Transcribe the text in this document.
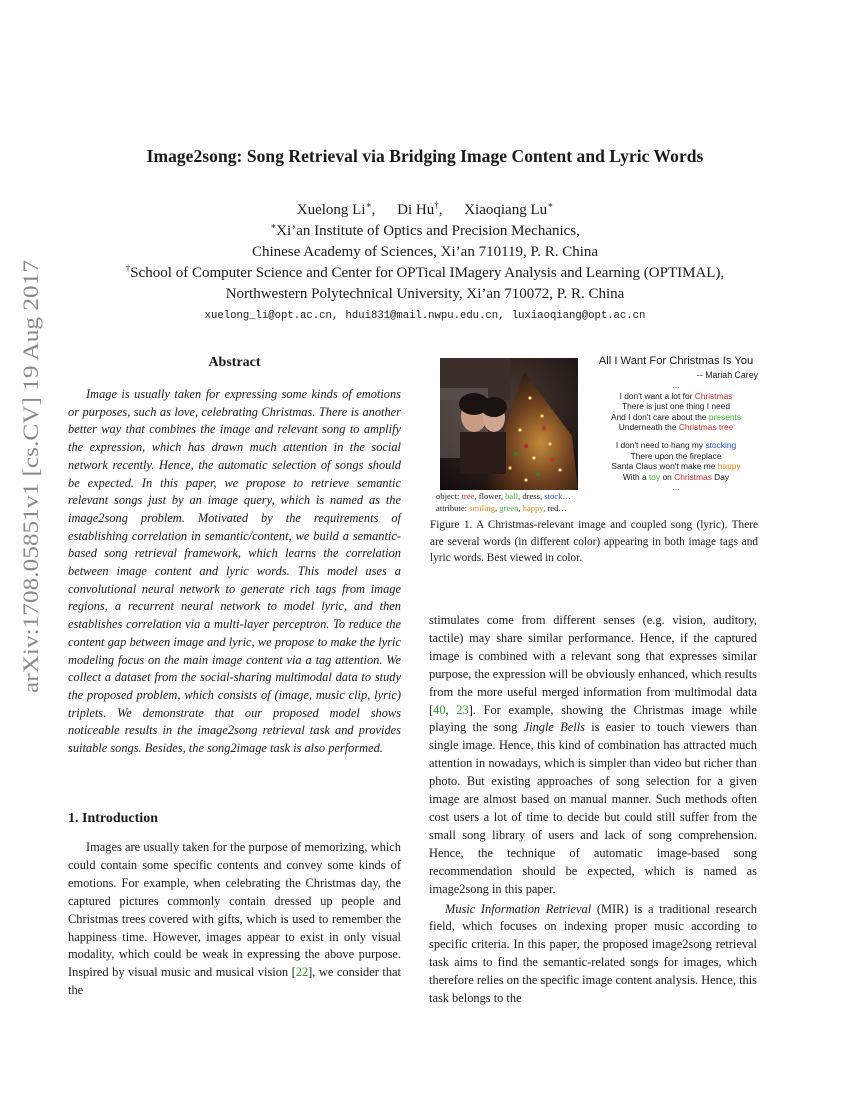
arXiv:1708.05851v1 [cs.CV] 19 Aug 2017
Image2song: Song Retrieval via Bridging Image Content and Lyric Words
Xuelong Li∗, Di Hu†, Xiaoqiang Lu∗
∗Xi’an Institute of Optics and Precision Mechanics,
Chinese Academy of Sciences, Xi’an 710119, P. R. China
†School of Computer Science and Center for OPTical IMagery Analysis and Learning (OPTIMAL),
Northwestern Polytechnical University, Xi’an 710072, P. R. China
xuelong_li@opt.ac.cn, hdui831@mail.nwpu.edu.cn, luxiaoqiang@opt.ac.cn
Abstract
Image is usually taken for expressing some kinds of emotions or purposes, such as love, celebrating Christmas. There is another better way that combines the image and relevant song to amplify the expression, which has drawn much attention in the social network recently. Hence, the automatic selection of songs should be expected. In this paper, we propose to retrieve semantic relevant songs just by an image query, which is named as the image2song problem. Motivated by the requirements of establishing correlation in semantic/content, we build a semantic-based song retrieval framework, which learns the correlation between image content and lyric words. This model uses a convolutional neural network to generate rich tags from image regions, a recurrent neural network to model lyric, and then establishes correlation via a multi-layer perceptron. To reduce the content gap between image and lyric, we propose to make the lyric modeling focus on the main image content via a tag attention. We collect a dataset from the social-sharing multimodal data to study the proposed problem, which consists of (image, music clip, lyric) triplets. We demonstrate that our proposed model shows noticeable results in the image2song retrieval task and provides suitable songs. Besides, the song2image task is also performed.
1. Introduction
Images are usually taken for the purpose of memorizing, which could contain some specific contents and convey some kinds of emotions. For example, when celebrating the Christmas day, the captured pictures commonly contain dressed up people and Christmas trees covered with gifts, which is used to remember the happiness time. However, images appear to exist in only visual modality, which could be weak in expressing the above purpose. Inspired by visual music and musical vision [22], we consider that the
object: tree, flower, ball, dress, stock…
attribute: smiling, green, happy, red…
All I Want For Christmas Is You
-- Mariah Carey
…
I don't want a lot for Christmas
There is just one thing I need
And I don't care about the presents
Underneath the Christmas tree
I don't need to hang my stocking
There upon the fireplace
Santa Claus won't make me happy
With a toy on Christmas Day
…
Figure 1. A Christmas-relevant image and coupled song (lyric). There are several words (in different color) appearing in both image tags and lyric words. Best viewed in color.

stimulates come from different senses (e.g. vision, auditory, tactile) may share similar performance. Hence, if the captured image is combined with a relevant song that expresses similar purpose, the expression will be obviously enhanced, which results from the more useful merged information from multimodal data [40, 23]. For example, showing the Christmas image while playing the song Jingle Bells is easier to touch viewers than single image. Hence, this kind of combination has attracted much attention in nowadays, which is simpler than video but richer than photo. But existing approaches of song selection for a given image are almost based on manual manner. Such methods often cost users a lot of time to decide but could still suffer from the small song library of users and lack of song comprehension. Hence, the technique of automatic image-based song recommendation should be expected, which is named as image2song in this paper.

Music Information Retrieval (MIR) is a traditional research field, which focuses on indexing proper music according to specific criteria. In this paper, the proposed image2song retrieval task aims to find the semantic-related songs for images, which therefore relies on the specific image content analysis. Hence, this task belongs to the
